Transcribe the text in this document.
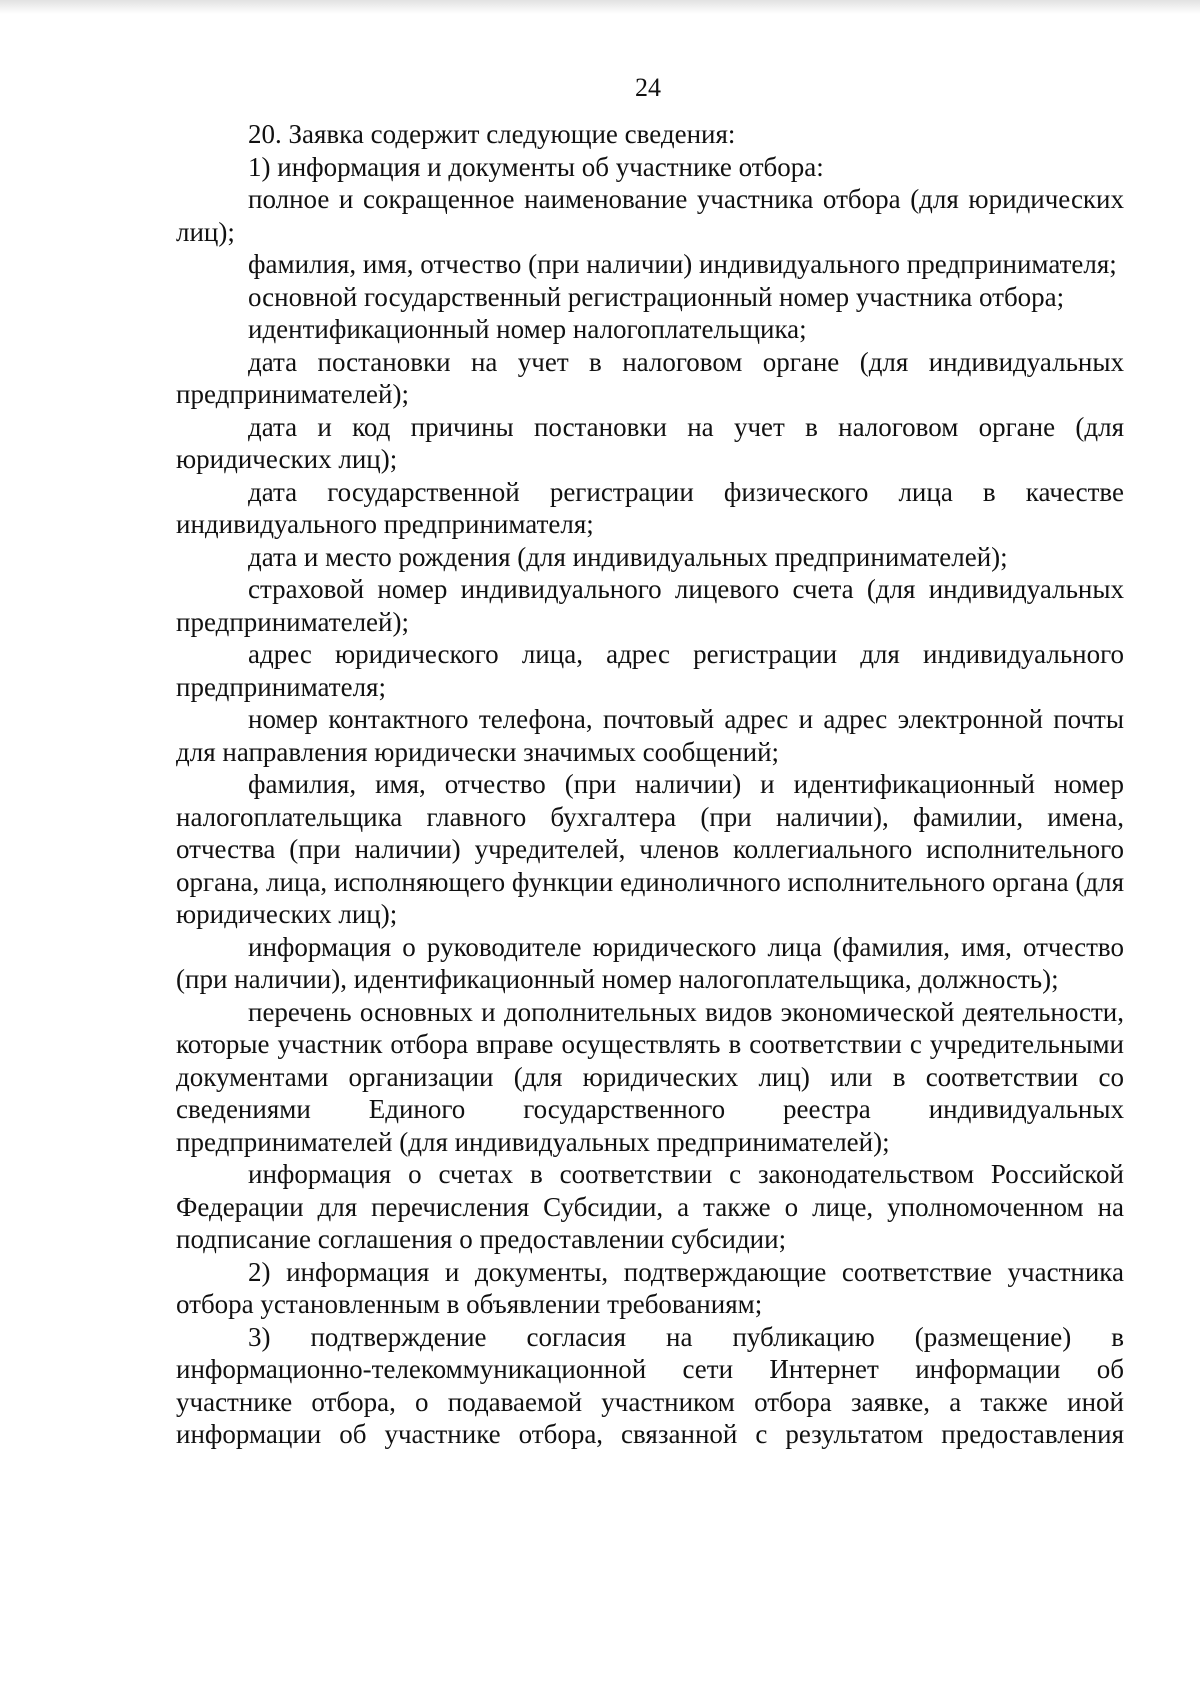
24

20. Заявка содержит следующие сведения:

1) информация и документы об участнике отбора:

полное и сокращенное наименование участника отбора (для юридических лиц);

фамилия, имя, отчество (при наличии) индивидуального предпринимателя;

основной государственный регистрационный номер участника отбора;

идентификационный номер налогоплательщика;

дата постановки на учет в налоговом органе (для индивидуальных предпринимателей);

дата и код причины постановки на учет в налоговом органе (для юридических лиц);

дата государственной регистрации физического лица в качестве индивидуального предпринимателя;

дата и место рождения (для индивидуальных предпринимателей);

страховой номер индивидуального лицевого счета (для индивидуальных предпринимателей);

адрес юридического лица, адрес регистрации для индивидуального предпринимателя;

номер контактного телефона, почтовый адрес и адрес электронной почты для направления юридически значимых сообщений;

фамилия, имя, отчество (при наличии) и идентификационный номер налогоплательщика главного бухгалтера (при наличии), фамилии, имена, отчества (при наличии) учредителей, членов коллегиального исполнительного органа, лица, исполняющего функции единоличного исполнительного органа (для юридических лиц);

информация о руководителе юридического лица (фамилия, имя, отчество (при наличии), идентификационный номер налогоплательщика, должность);

перечень основных и дополнительных видов экономической деятельности, которые участник отбора вправе осуществлять в соответствии с учредительными документами организации (для юридических лиц) или в соответствии со сведениями Единого государственного реестра индивидуальных предпринимателей (для индивидуальных предпринимателей);

информация о счетах в соответствии с законодательством Российской Федерации для перечисления Субсидии, а также о лице, уполномоченном на подписание соглашения о предоставлении субсидии;

2) информация и документы, подтверждающие соответствие участника отбора установленным в объявлении требованиям;

3) подтверждение согласия на публикацию (размещение) в информационно-телекоммуникационной сети Интернет информации об участнике отбора, о подаваемой участником отбора заявке, а также иной информации об участнике отбора, связанной с результатом предоставления
